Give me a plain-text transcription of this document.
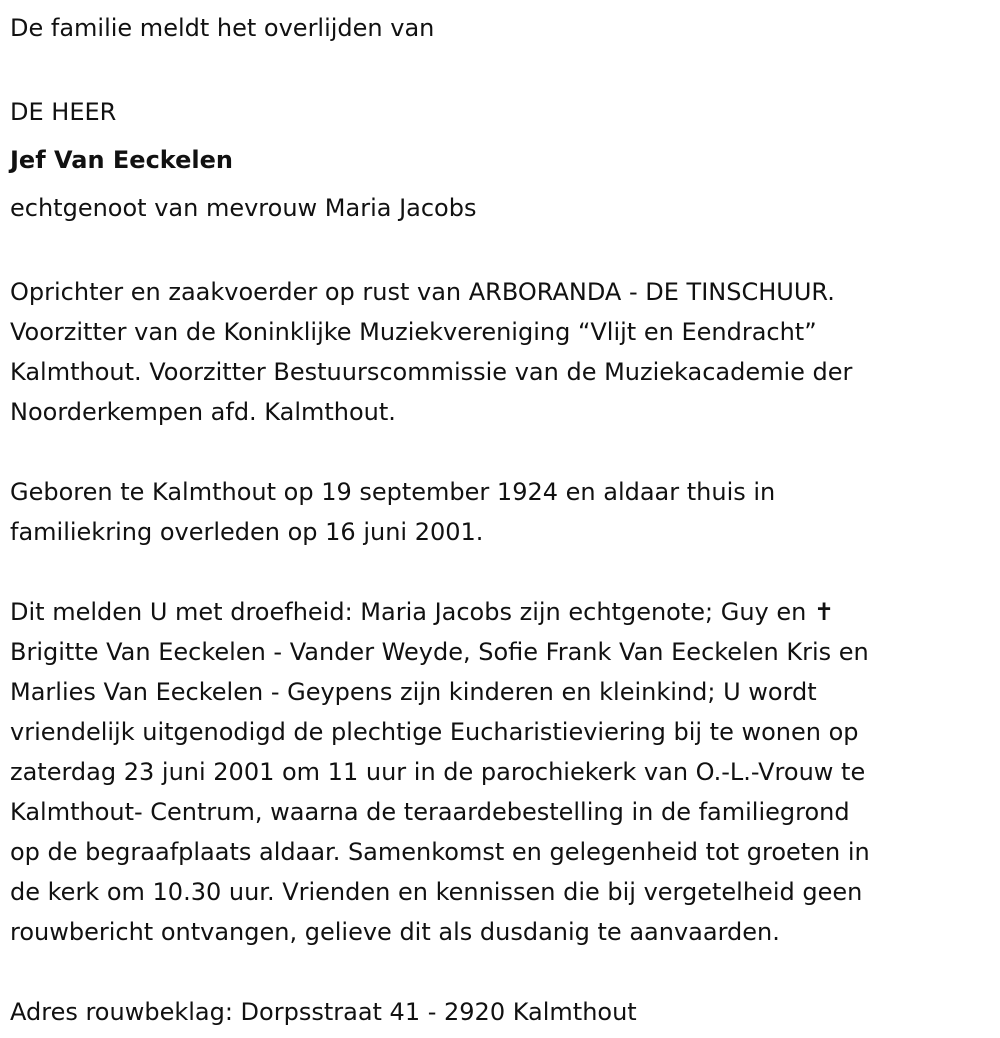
De familie meldt het overlijden van

DE HEER

Jef Van Eeckelen

echtgenoot van mevrouw Maria Jacobs

Oprichter en zaakvoerder op rust van ARBORANDA - DE TINSCHUUR.

Voorzitter van de Koninklijke Muziekvereniging “Vlijt en Eendracht”

Kalmthout. Voorzitter Bestuurscommissie van de Muziekacademie der

Noorderkempen afd. Kalmthout.

Geboren te Kalmthout op 19 september 1924 en aldaar thuis in

familiekring overleden op 16 juni 2001.

Dit melden U met droefheid: Maria Jacobs zijn echtgenote; Guy en ✝

Brigitte Van Eeckelen - Vander Weyde, Sofie Frank Van Eeckelen Kris en

Marlies Van Eeckelen - Geypens zijn kinderen en kleinkind; U wordt

vriendelijk uitgenodigd de plechtige Eucharistieviering bij te wonen op

zaterdag 23 juni 2001 om 11 uur in de parochiekerk van O.-L.-Vrouw te

Kalmthout- Centrum, waarna de teraardebestelling in de familiegrond

op de begraafplaats aldaar. Samenkomst en gelegenheid tot groeten in

de kerk om 10.30 uur. Vrienden en kennissen die bij vergetelheid geen

rouwbericht ontvangen, gelieve dit als dusdanig te aanvaarden.

Adres rouwbeklag: Dorpsstraat 41 - 2920 Kalmthout
